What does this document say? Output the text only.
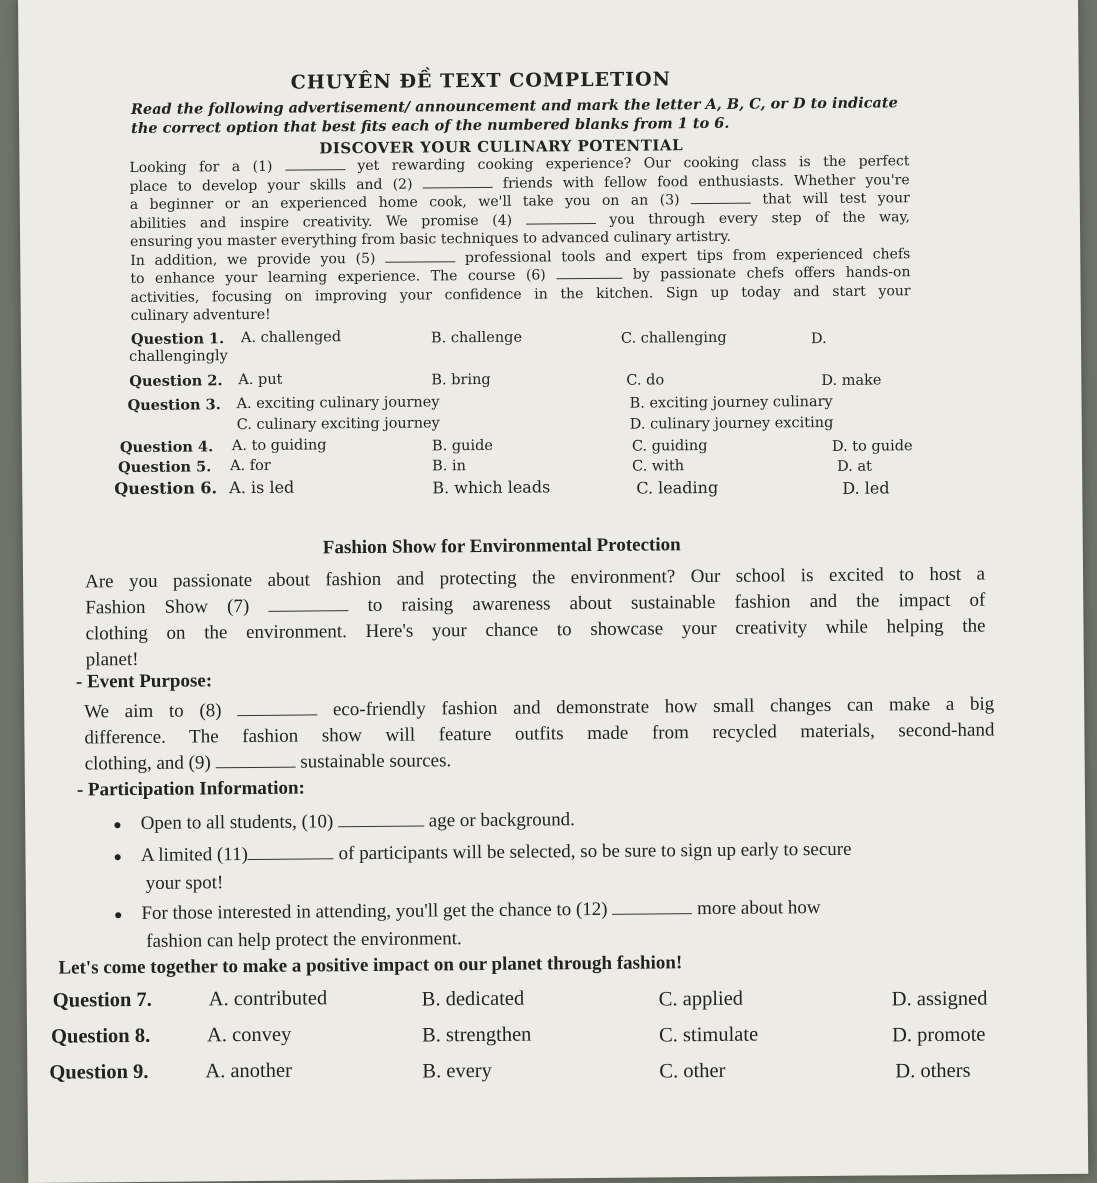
CHUYÊN ĐỀ TEXT COMPLETION
Read the following advertisement/ announcement and mark the letter A, B, C, or D to indicate
the correct option that best fits each of the numbered blanks from 1 to 6.
DISCOVER YOUR CULINARY POTENTIAL
Looking for a (1)	yet rewarding cooking experience? Our cooking class is the perfect
place to develop your skills and (2)	friends with fellow food enthusiasts. Whether you're
a beginner or an experienced home cook, we'll take you on an (3)	that will test your
abilities and inspire creativity. We promise (4)	you through every step of the way,
ensuring you master everything from basic techniques to advanced culinary artistry.
In addition, we provide you (5)	professional tools and expert tips from experienced chefs
to enhance your learning experience. The course (6)	by passionate chefs offers hands-on
activities, focusing on improving your confidence in the kitchen. Sign up today and start your
culinary adventure!
Question 1. A. challenged	B. challenge	C. challenging	D.
challengingly
Question 2. A. put	B. bring	C. do	D. make
Question 3. A. exciting culinary journey	B. exciting journey culinary
C. culinary exciting journey	D. culinary journey exciting
Question 4. A. to guiding	B. guide	C. guiding	D. to guide
Question 5. A. for	B. in	C. with	D. at
Question 6. A. is led	B. which leads	C. leading	D. led
Fashion Show for Environmental Protection
Are you passionate about fashion and protecting the environment? Our school is excited to host a
Fashion Show (7)	to raising awareness about sustainable fashion and the impact of
clothing on the environment. Here's your chance to showcase your creativity while helping the
planet!
- Event Purpose:
We aim to (8)	eco-friendly fashion and demonstrate how small changes can make a big
difference. The fashion show will feature outfits made from recycled materials, second-hand
clothing, and (9)	sustainable sources.
- Participation Information:
● Open to all students, (10)	age or background.
● A limited (11)	of participants will be selected, so be sure to sign up early to secure
your spot!
● For those interested in attending, you'll get the chance to (12)	more about how
fashion can help protect the environment.
Let's come together to make a positive impact on our planet through fashion!
Question 7.	A. contributed	B. dedicated	C. applied	D. assigned
Question 8.	A. convey	B. strengthen	C. stimulate	D. promote
Question 9.	A. another	B. every	C. other	D. others
